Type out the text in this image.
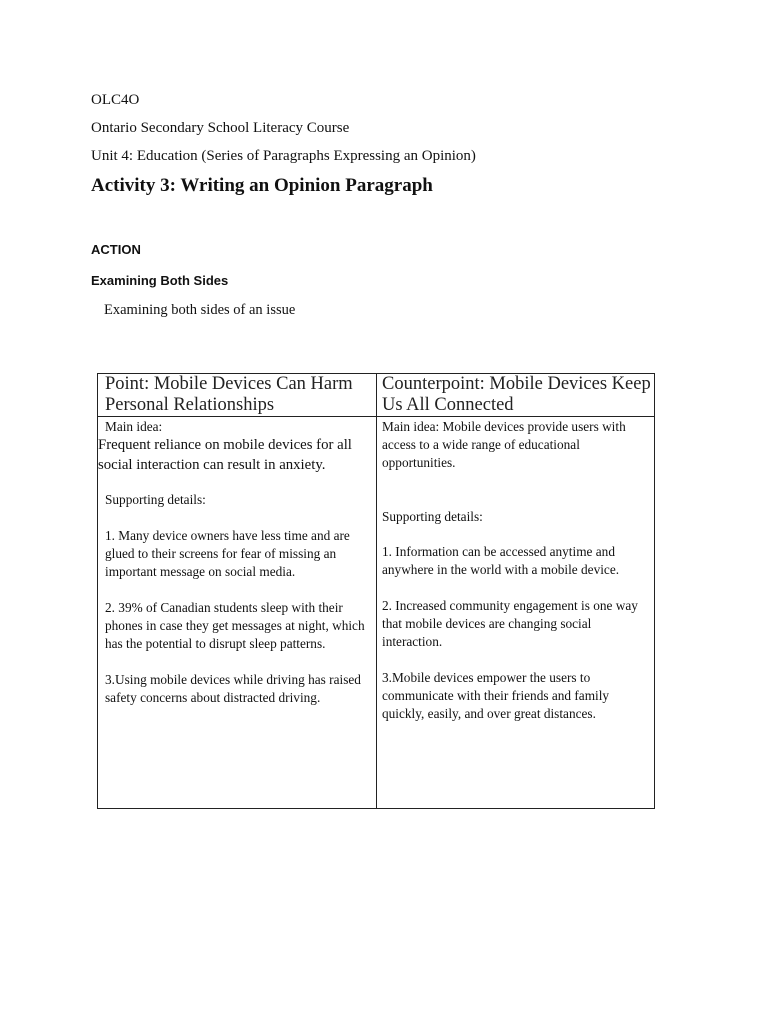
OLC4O
Ontario Secondary School Literacy Course
Unit 4: Education (Series of Paragraphs Expressing an Opinion)
Activity 3: Writing an Opinion Paragraph
ACTION
Examining Both Sides
Examining both sides of an issue
Point: Mobile Devices Can Harm Personal Relationships
Counterpoint: Mobile Devices Keep Us All Connected

Main idea:

Frequent reliance on mobile devices for all social interaction can result in anxiety.

Supporting details:

1. Many device owners have less time and are glued to their screens for fear of missing an important message on social media.

2. 39% of Canadian students sleep with their phones in case they get messages at night, which has the potential to disrupt sleep patterns.

3.Using mobile devices while driving has raised safety concerns about distracted driving.

Main idea: Mobile devices provide users with access to a wide range of educational opportunities.

Supporting details:

1. Information can be accessed anytime and anywhere in the world with a mobile device.

2. Increased community engagement is one way that mobile devices are changing social interaction.

3.Mobile devices empower the users to communicate with their friends and family quickly, easily, and over great distances.
